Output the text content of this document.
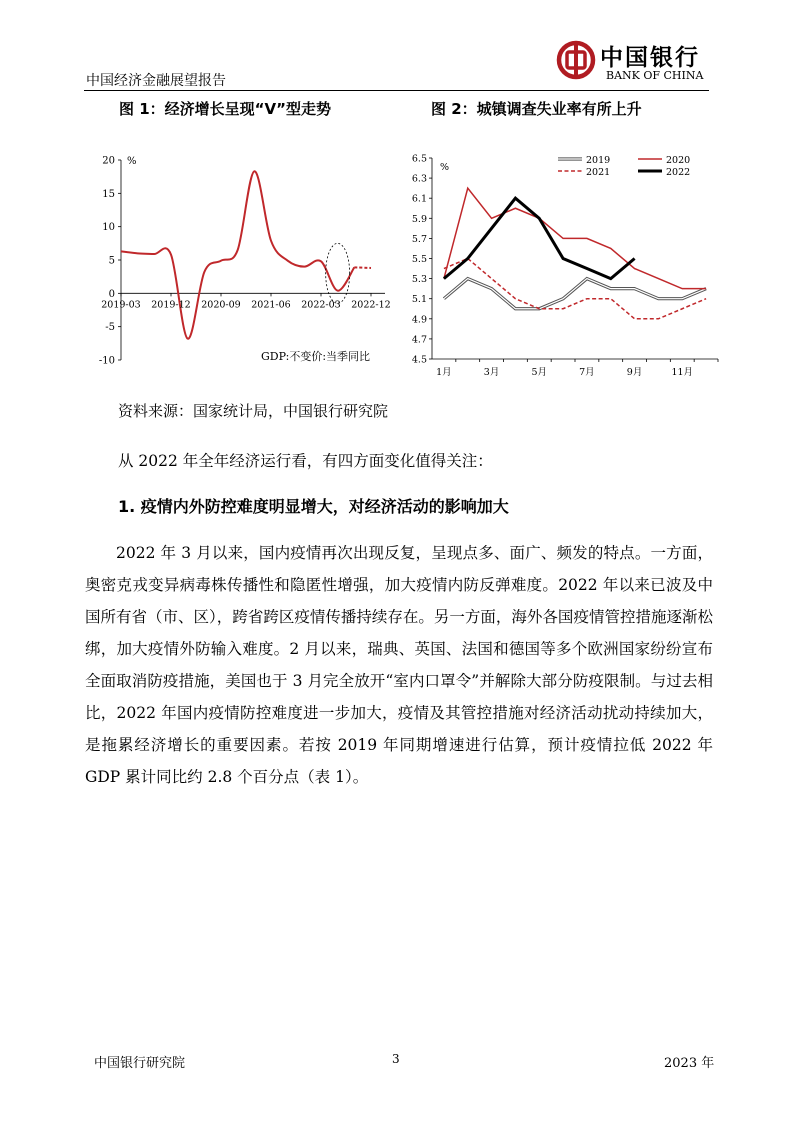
中国经济金融展望报告
中国银行
BANK OF CHINA
图 1：经济增长呈现“V”型走势	图 2：城镇调查失业率有所上升
-10
-5
0
5
10
15
20 %
2019-03 2019-12 2020-09 2021-06 2022-03 2022-12
GDP:不变价:当季同比	4.5
4.7
4.9
5.1
5.3
5.5
5.7
5.9
6.1
6.3
6.5
%
1月	3月	5月	7月	9月	11月
2019	2020
2021	2022
资料来源：国家统计局，中国银行研究院
从 2022 年全年经济运行看，有四方面变化值得关注：
1. 疫情内外防控难度明显增大，对经济活动的影响加大

2022 年 3 月以来，国内疫情再次出现反复，呈现点多、面广、频发的特点。一方面，奥密克戎变异病毒株传播性和隐匿性增强，加大疫情内防反弹难度。2022 年以来已波及中国所有省（市、区），跨省跨区疫情传播持续存在。另一方面，海外各国疫情管控措施逐渐松绑，加大疫情外防输入难度。2 月以来，瑞典、英国、法国和德国等多个欧洲国家纷纷宣布全面取消防疫措施，美国也于 3 月完全放开“室内口罩令”并解除大部分防疫限制。与过去相比，2022 年国内疫情防控难度进一步加大，疫情及其管控措施对经济活动扰动持续加大，是拖累经济增长的重要因素。若按 2019 年同期增速进行估算，预计疫情拉低 2022 年 GDP 累计同比约 2.8 个百分点（表 1）。

中国银行研究院	3	2023 年
